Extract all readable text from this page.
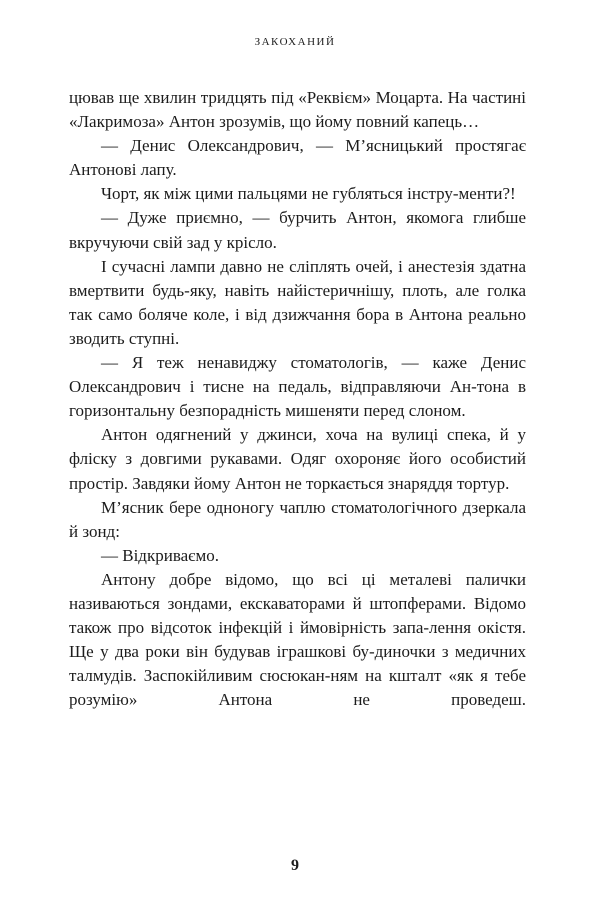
ЗАКОХАНИЙ

цював ще хвилин тридцять під «Реквієм» Моцарта. На частині «Лакримоза» Антон зрозумів, що йому повний капець…

— Денис Олександрович, — М’ясницький простягає Антонові лапу.

Чорт, як між цими пальцями не губляться інстру-менти?!

— Дуже приємно, — бурчить Антон, якомога глибше вкручуючи свій зад у крісло.

І сучасні лампи давно не сліплять очей, і анестезія здатна вмертвити будь-яку, навіть найістеричнішу, плоть, але голка так само боляче коле, і від дзижчання бора в Антона реально зводить ступні.

— Я теж ненавиджу стоматологів, — каже Денис Олександрович і тисне на педаль, відправляючи Ан-тона в горизонтальну безпорадність мишеняти перед слоном.

Антон одягнений у джинси, хоча на вулиці спека, й у фліску з довгими рукавами. Одяг охороняє його особистий простір. Завдяки йому Антон не торкається знаряддя тортур.

М’ясник бере одноногу чаплю стоматологічного дзеркала й зонд:

— Відкриваємо.

Антону добре відомо, що всі ці металеві палички називаються зондами, екскаваторами й штопферами. Відомо також про відсоток інфекцій і ймовірність запа-лення окістя. Ще у два роки він будував іграшкові бу-диночки з медичних талмудів. Заспокійливим сюсюкан-ням на кшталт «як я тебе розумію» Антона не проведеш.

9
